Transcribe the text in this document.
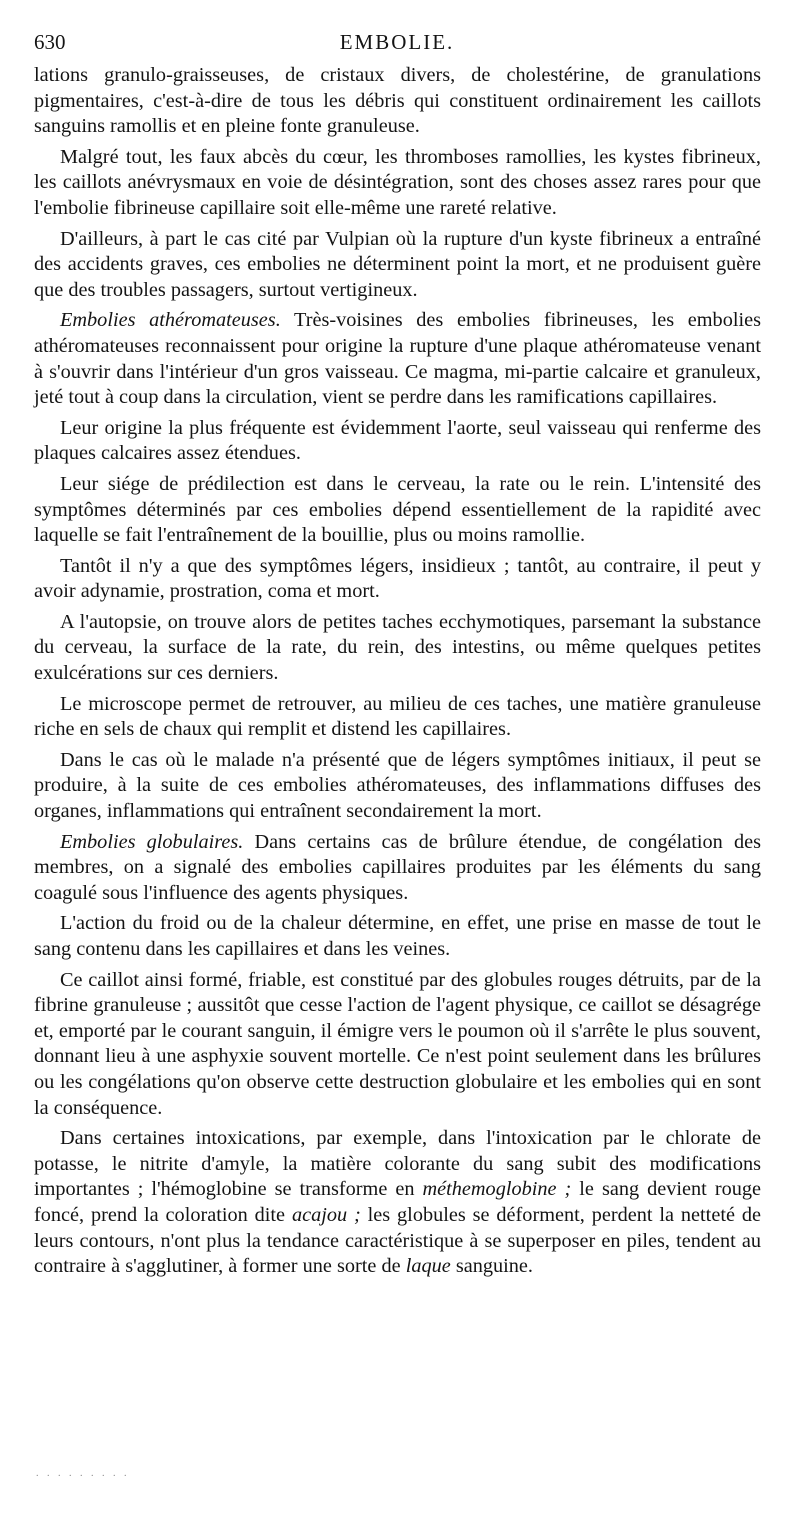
630	EMBOLIE.

lations granulo-graisseuses, de cristaux divers, de cholestérine, de granulations pigmentaires, c'est-à-dire de tous les débris qui constituent ordinairement les caillots sanguins ramollis et en pleine fonte granuleuse.

Malgré tout, les faux abcès du cœur, les thromboses ramollies, les kystes fibrineux, les caillots anévrysmaux en voie de désintégration, sont des choses assez rares pour que l'embolie fibrineuse capillaire soit elle-même une rareté relative.

D'ailleurs, à part le cas cité par Vulpian où la rupture d'un kyste fibrineux a entraîné des accidents graves, ces embolies ne déterminent point la mort, et ne produisent guère que des troubles passagers, surtout vertigineux.

Embolies athéromateuses. Très-voisines des embolies fibrineuses, les embolies athéromateuses reconnaissent pour origine la rupture d'une plaque athéromateuse venant à s'ouvrir dans l'intérieur d'un gros vaisseau. Ce magma, mi-partie calcaire et granuleux, jeté tout à coup dans la circulation, vient se perdre dans les ramifications capillaires.

Leur origine la plus fréquente est évidemment l'aorte, seul vaisseau qui renferme des plaques calcaires assez étendues.

Leur siége de prédilection est dans le cerveau, la rate ou le rein. L'intensité des symptômes déterminés par ces embolies dépend essentiellement de la rapidité avec laquelle se fait l'entraînement de la bouillie, plus ou moins ramollie.

Tantôt il n'y a que des symptômes légers, insidieux ; tantôt, au contraire, il peut y avoir adynamie, prostration, coma et mort.

A l'autopsie, on trouve alors de petites taches ecchymotiques, parsemant la substance du cerveau, la surface de la rate, du rein, des intestins, ou même quelques petites exulcérations sur ces derniers.

Le microscope permet de retrouver, au milieu de ces taches, une matière granuleuse riche en sels de chaux qui remplit et distend les capillaires.

Dans le cas où le malade n'a présenté que de légers symptômes initiaux, il peut se produire, à la suite de ces embolies athéromateuses, des inflammations diffuses des organes, inflammations qui entraînent secondairement la mort.

Embolies globulaires. Dans certains cas de brûlure étendue, de congélation des membres, on a signalé des embolies capillaires produites par les éléments du sang coagulé sous l'influence des agents physiques.

L'action du froid ou de la chaleur détermine, en effet, une prise en masse de tout le sang contenu dans les capillaires et dans les veines.

Ce caillot ainsi formé, friable, est constitué par des globules rouges détruits, par de la fibrine granuleuse ; aussitôt que cesse l'action de l'agent physique, ce caillot se désagrége et, emporté par le courant sanguin, il émigre vers le poumon où il s'arrête le plus souvent, donnant lieu à une asphyxie souvent mortelle. Ce n'est point seulement dans les brûlures ou les congélations qu'on observe cette destruction globulaire et les embolies qui en sont la conséquence.

Dans certaines intoxications, par exemple, dans l'intoxication par le chlorate de potasse, le nitrite d'amyle, la matière colorante du sang subit des modifications importantes ; l'hémoglobine se transforme en méthemoglobine ; le sang devient rouge foncé, prend la coloration dite acajou ; les globules se déforment, perdent la netteté de leurs contours, n'ont plus la tendance caractéristique à se superposer en piles, tendent au contraire à s'agglutiner, à former une sorte de laque sanguine.

. . . . . . . . .
